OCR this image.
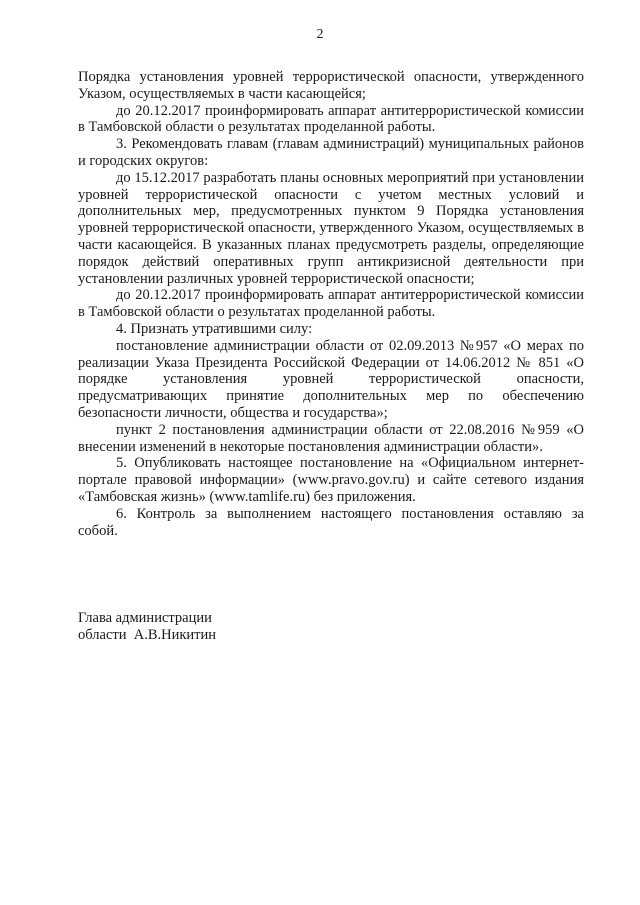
2

Порядка установления уровней террористической опасности, утвержденного Указом, осуществляемых в части касающейся;

до 20.12.2017 проинформировать аппарат антитеррористической комиссии в Тамбовской области о результатах проделанной работы.

3. Рекомендовать главам (главам администраций) муниципальных районов и городских округов:

до 15.12.2017 разработать планы основных мероприятий при установлении уровней террористической опасности с учетом местных условий и дополнительных мер, предусмотренных пунктом 9 Порядка установления уровней террористической опасности, утвержденного Указом, осуществляемых в части касающейся. В указанных планах предусмотреть разделы, определяющие порядок действий оперативных групп антикризисной деятельности при установлении различных уровней террористической опасности;

до 20.12.2017 проинформировать аппарат антитеррористической комиссии в Тамбовской области о результатах проделанной работы.

4. Признать утратившими силу:

постановление администрации области от 02.09.2013 №957 «О мерах по реализации Указа Президента Российской Федерации от 14.06.2012 № 851 «О порядке установления уровней террористической опасности, предусматривающих принятие дополнительных мер по обеспечению безопасности личности, общества и государства»;

пункт 2 постановления администрации области от 22.08.2016 №959 «О внесении изменений в некоторые постановления администрации области».

5. Опубликовать настоящее постановление на «Официальном интернет-портале правовой информации» (www.pravo.gov.ru) и сайте сетевого издания «Тамбовская жизнь» (www.tamlife.ru) без приложения.

6. Контроль за выполнением настоящего постановления оставляю за собой.

Глава администрации
области  А.В.Никитин
